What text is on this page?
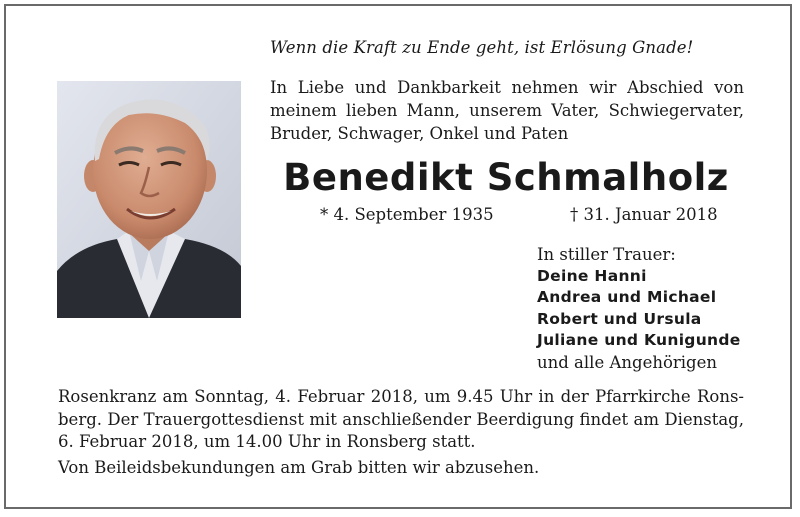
Wenn die Kraft zu Ende geht, ist Erlösung Gnade!
In Liebe und Dankbarkeit nehmen wir Abschied von
meinem lieben Mann, unserem Vater, Schwiegervater,
Bruder, Schwager, Onkel und Paten
Benedikt Schmalholz
* 4. September 1935	† 31. Januar 2018
In stiller Trauer:
Deine Hanni
Andrea und Michael
Robert und Ursula
Juliane und Kunigunde
und alle Angehörigen
Rosenkranz am Sonntag, 4. Februar 2018, um 9.45 Uhr in der Pfarrkirche Rons-
berg. Der Trauergottesdienst mit anschließender Beerdigung findet am Dienstag,
6. Februar 2018, um 14.00 Uhr in Ronsberg statt.
Von Beileidsbekundungen am Grab bitten wir abzusehen.
